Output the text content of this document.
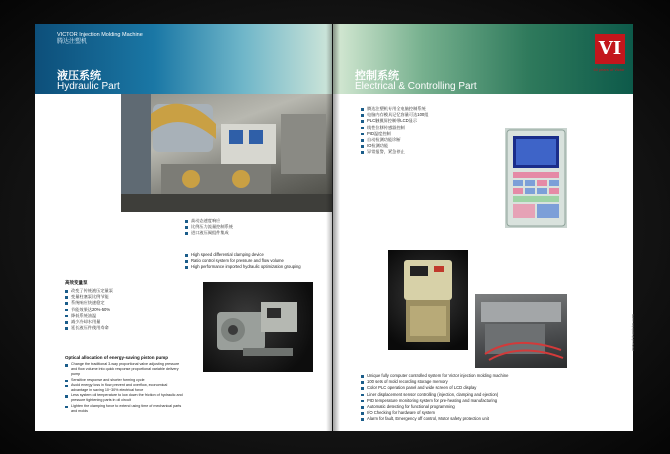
VICTOR Injection Molding Machine
腾达注塑机
液压系统
Hydraulic Part
高动态速度响应
比例压力流量控制系统
进口液压阀组件集成
High speed differential clamping device
Ratio control system for pressure and flow volume
High performance imported hydraulic optimization grouping
高效变量泵
改变了传统液压定量泵
变量柱塞泵比例节能
系统响应快速稳定
节能效果达20%-50%
降低系统油温
减少冷却水用量
延长液压件使用寿命
Optical allocation of energy-saving piston pump
Change the traditional 3-way proportional valve adjusting pressure and flow volume into quick response proportional variable delivery pump
Sensitive response and shorter forming cycle
Avoid energy loss in flow prevent and overflow, economical advantage in saving 10~30% electrical force
Less system oil temperature to low down the friction of hydraulic and pressure tightening parts in oil circuit
Lighten the clamping force to extend using time of mechanical parts and molds
控制系统
Electrical & Controlling Part
VI
50 years of Victor
腾达注塑机专用全电脑控制系统
电脑内存模具记忆容量可达100组
PLC触摸屏控制带LCD显示
线性位移传感器控制
PID温度控制
自动检测功能诊断
IO检测功能
异常报警，紧急停止
Unique fully computer controlled system for Victor injection molding machine
100 sets of mold recording storage memory
Color PLC operation panel and wide screen of LCD display
Liner displacement sensor controlling (injection, clamping and ejection)
PID temperature monitoring system for pre-heating and manufacturing
Automatic detecting for functional programming
I/O Checking for hardware of system
Alarm for fault, Emergency off control, Motor safety protection unit
www.chinavictor.com
